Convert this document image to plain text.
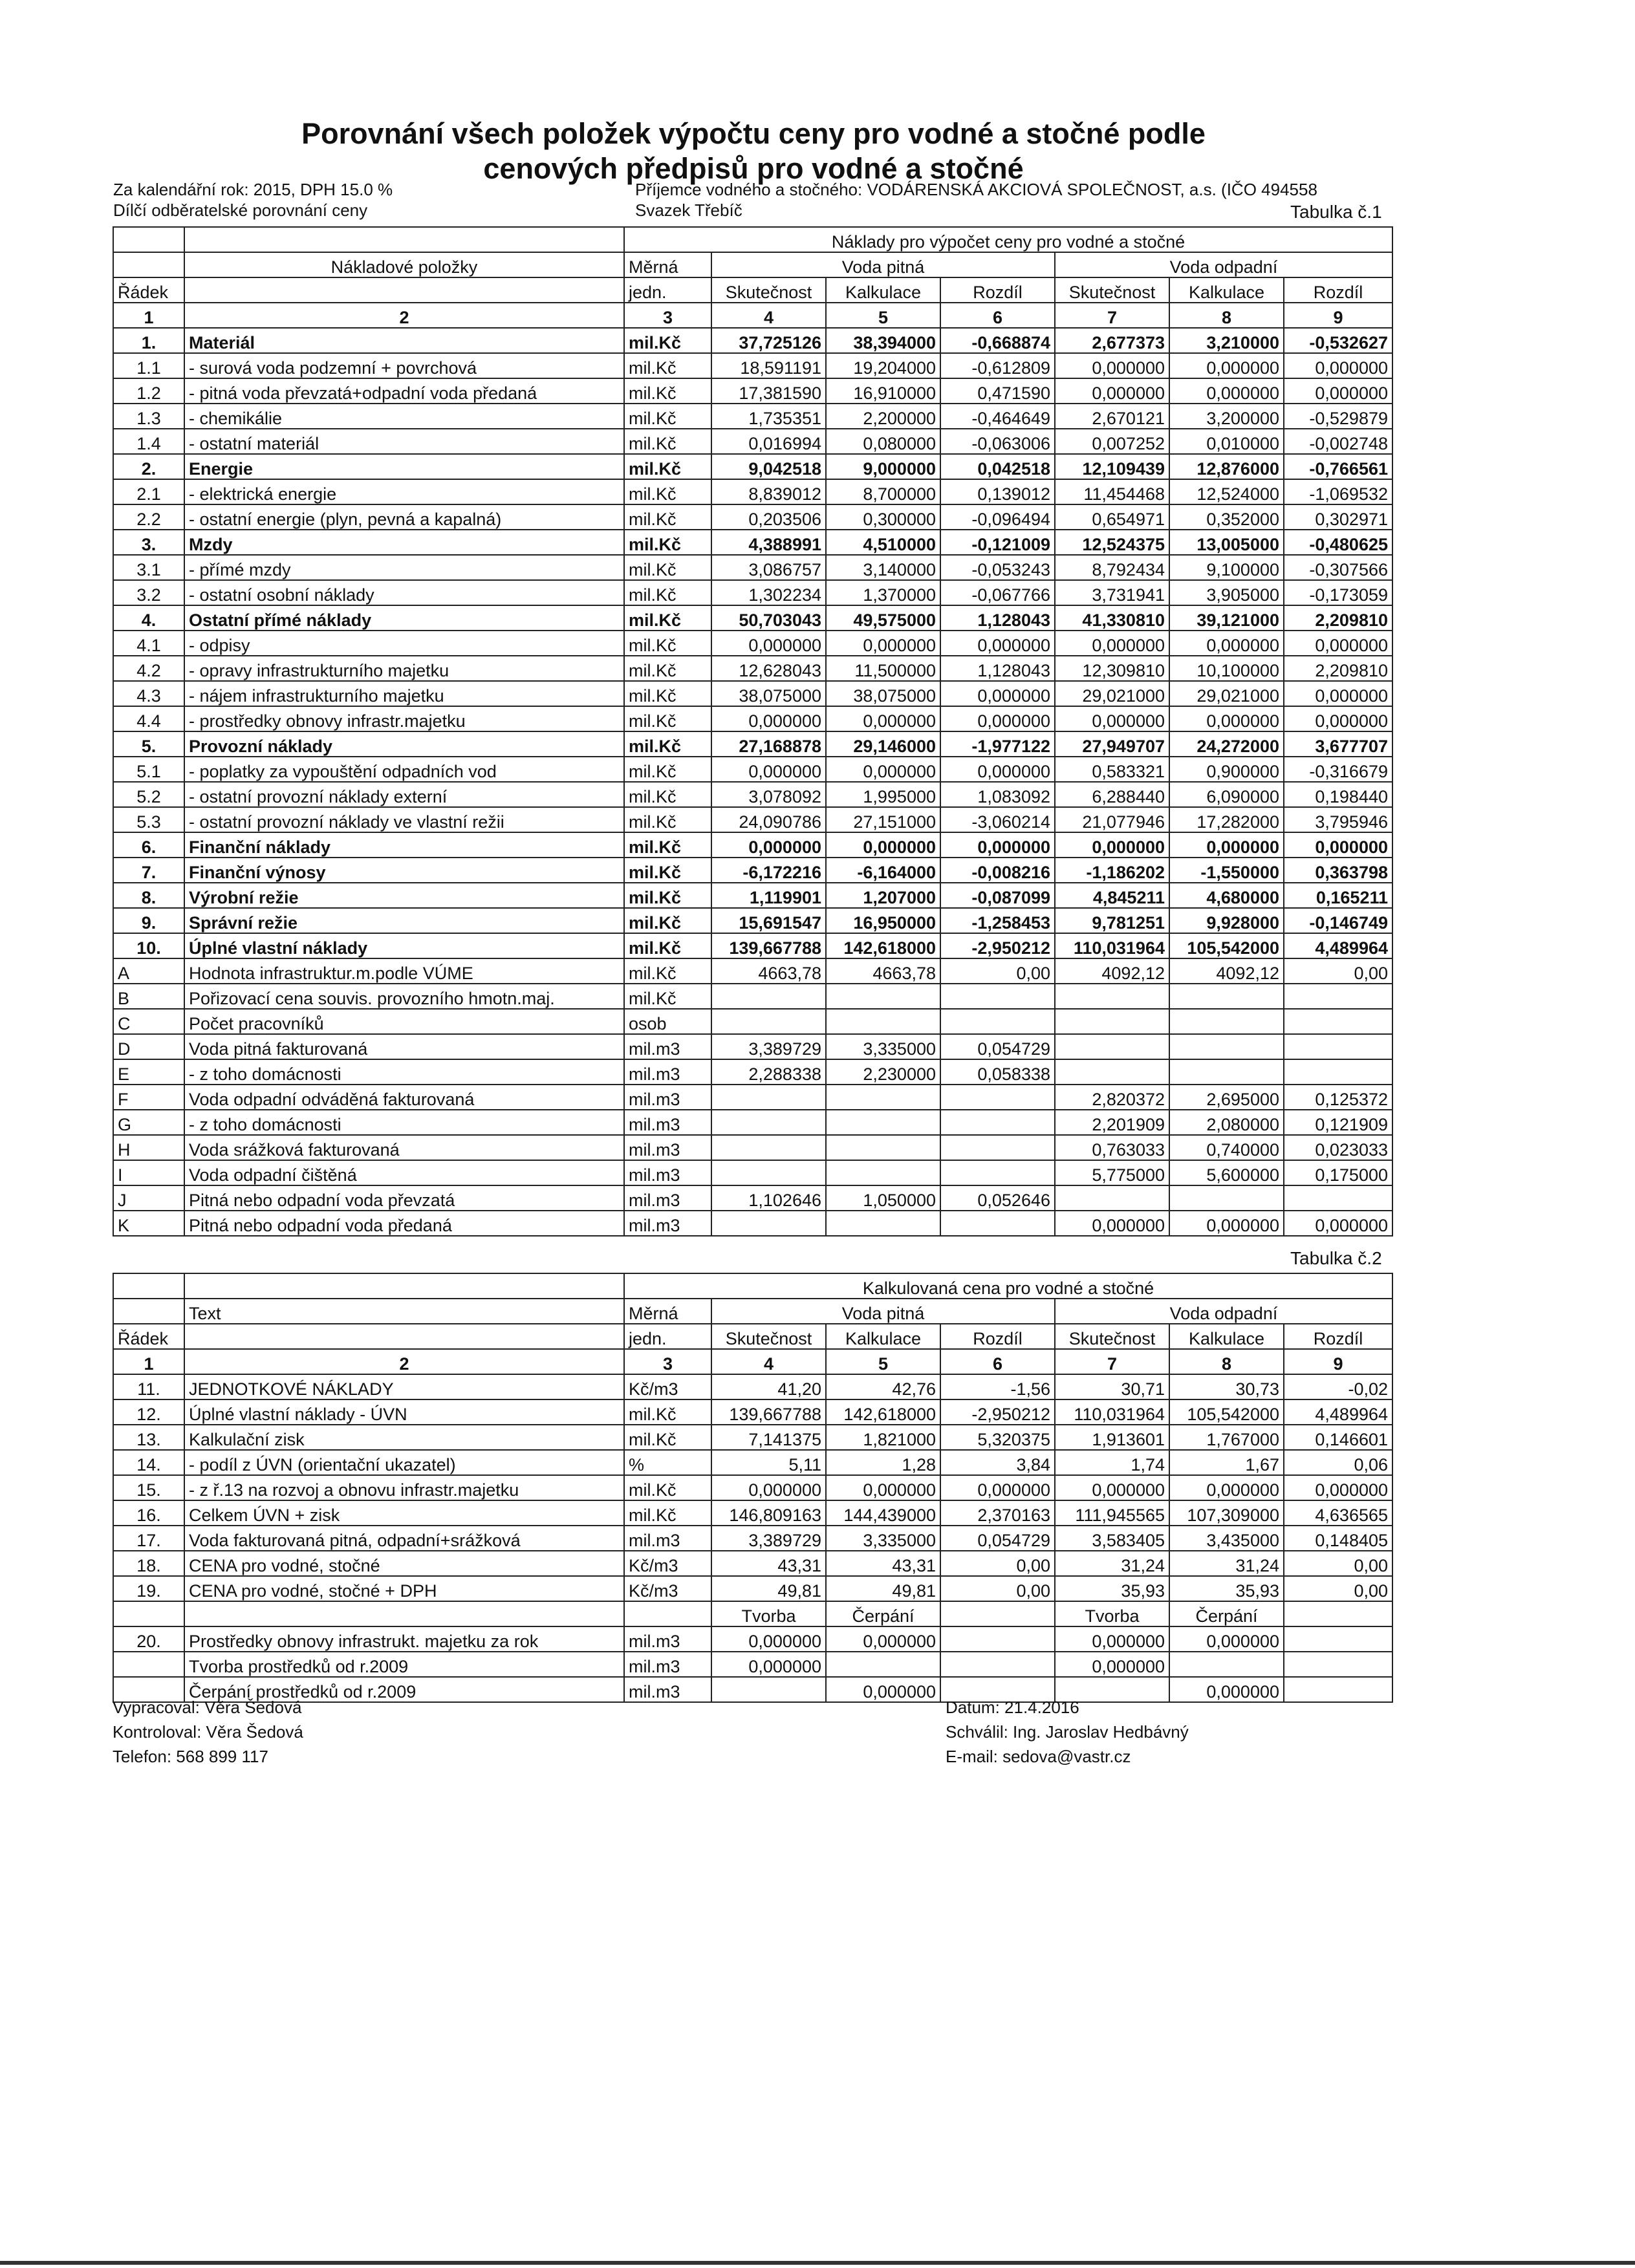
Porovnání všech položek výpočtu ceny pro vodné a stočné podle
cenových předpisů pro vodné a stočné
Za kalendářní rok: 2015, DPH 15.0 %
Dílčí odběratelské porovnání ceny
Příjemce vodného a stočného: VODÁRENSKÁ AKCIOVÁ SPOLEČNOST, a.s. (IČO 494558
Svazek Třebíč	Tabulka č.1
		Náklady pro výpočet ceny pro vodné a stočné						
	Nákladové položky	Měrná	Voda pitná			Voda odpadní		
Řádek		jedn.	Skutečnost	Kalkulace	Rozdíl	Skutečnost	Kalkulace	Rozdíl
1	2	3	4	5	6	7	8	9
1.	Materiál	mil.Kč	37,725126	38,394000	-0,668874	2,677373	3,210000	-0,532627
1.1	- surová voda podzemní + povrchová	mil.Kč	18,591191	19,204000	-0,612809	0,000000	0,000000	0,000000
1.2	- pitná voda převzatá+odpadní voda předaná	mil.Kč	17,381590	16,910000	0,471590	0,000000	0,000000	0,000000
1.3	- chemikálie	mil.Kč	1,735351	2,200000	-0,464649	2,670121	3,200000	-0,529879
1.4	- ostatní materiál	mil.Kč	0,016994	0,080000	-0,063006	0,007252	0,010000	-0,002748
2.	Energie	mil.Kč	9,042518	9,000000	0,042518	12,109439	12,876000	-0,766561
2.1	- elektrická energie	mil.Kč	8,839012	8,700000	0,139012	11,454468	12,524000	-1,069532
2.2	- ostatní energie (plyn, pevná a kapalná)	mil.Kč	0,203506	0,300000	-0,096494	0,654971	0,352000	0,302971
3.	Mzdy	mil.Kč	4,388991	4,510000	-0,121009	12,524375	13,005000	-0,480625
3.1	- přímé mzdy	mil.Kč	3,086757	3,140000	-0,053243	8,792434	9,100000	-0,307566
3.2	- ostatní osobní náklady	mil.Kč	1,302234	1,370000	-0,067766	3,731941	3,905000	-0,173059
4.	Ostatní přímé náklady	mil.Kč	50,703043	49,575000	1,128043	41,330810	39,121000	2,209810
4.1	- odpisy	mil.Kč	0,000000	0,000000	0,000000	0,000000	0,000000	0,000000
4.2	- opravy infrastrukturního majetku	mil.Kč	12,628043	11,500000	1,128043	12,309810	10,100000	2,209810
4.3	- nájem infrastrukturního majetku	mil.Kč	38,075000	38,075000	0,000000	29,021000	29,021000	0,000000
4.4	- prostředky obnovy infrastr.majetku	mil.Kč	0,000000	0,000000	0,000000	0,000000	0,000000	0,000000
5.	Provozní náklady	mil.Kč	27,168878	29,146000	-1,977122	27,949707	24,272000	3,677707
5.1	- poplatky za vypouštění odpadních vod	mil.Kč	0,000000	0,000000	0,000000	0,583321	0,900000	-0,316679
5.2	- ostatní provozní náklady externí	mil.Kč	3,078092	1,995000	1,083092	6,288440	6,090000	0,198440
5.3	- ostatní provozní náklady ve vlastní režii	mil.Kč	24,090786	27,151000	-3,060214	21,077946	17,282000	3,795946
6.	Finanční náklady	mil.Kč	0,000000	0,000000	0,000000	0,000000	0,000000	0,000000
7.	Finanční výnosy	mil.Kč	-6,172216	-6,164000	-0,008216	-1,186202	-1,550000	0,363798
8.	Výrobní režie	mil.Kč	1,119901	1,207000	-0,087099	4,845211	4,680000	0,165211
9.	Správní režie	mil.Kč	15,691547	16,950000	-1,258453	9,781251	9,928000	-0,146749
10.	Úplné vlastní náklady	mil.Kč	139,667788	142,618000	-2,950212	110,031964	105,542000	4,489964
A	Hodnota infrastruktur.m.podle VÚME	mil.Kč	4663,78	4663,78	0,00	4092,12	4092,12	0,00
B	Pořizovací cena souvis. provozního hmotn.maj.	mil.Kč						
C	Počet pracovníků	osob						
D	Voda pitná fakturovaná	mil.m3	3,389729	3,335000	0,054729			
E	- z toho domácnosti	mil.m3	2,288338	2,230000	0,058338			
F	Voda odpadní odváděná fakturovaná	mil.m3				2,820372	2,695000	0,125372
G	- z toho domácnosti	mil.m3				2,201909	2,080000	0,121909
H	Voda srážková fakturovaná	mil.m3				0,763033	0,740000	0,023033
I	Voda odpadní čištěná	mil.m3				5,775000	5,600000	0,175000
J	Pitná nebo odpadní voda převzatá	mil.m3	1,102646	1,050000	0,052646			
K	Pitná nebo odpadní voda předaná	mil.m3				0,000000	0,000000	0,000000
Tabulka č.2
		Kalkulovaná cena pro vodné a stočné						
	Text	Měrná	Voda pitná			Voda odpadní		
Řádek		jedn.	Skutečnost	Kalkulace	Rozdíl	Skutečnost	Kalkulace	Rozdíl
1	2	3	4	5	6	7	8	9
11.	JEDNOTKOVÉ NÁKLADY	Kč/m3	41,20	42,76	-1,56	30,71	30,73	-0,02
12.	Úplné vlastní náklady - ÚVN	mil.Kč	139,667788	142,618000	-2,950212	110,031964	105,542000	4,489964
13.	Kalkulační zisk	mil.Kč	7,141375	1,821000	5,320375	1,913601	1,767000	0,146601
14.	- podíl z ÚVN (orientační ukazatel)	%	5,11	1,28	3,84	1,74	1,67	0,06
15.	- z ř.13 na rozvoj a obnovu infrastr.majetku	mil.Kč	0,000000	0,000000	0,000000	0,000000	0,000000	0,000000
16.	Celkem ÚVN + zisk	mil.Kč	146,809163	144,439000	2,370163	111,945565	107,309000	4,636565
17.	Voda fakturovaná pitná, odpadní+srážková	mil.m3	3,389729	3,335000	0,054729	3,583405	3,435000	0,148405
18.	CENA pro vodné, stočné	Kč/m3	43,31	43,31	0,00	31,24	31,24	0,00
19.	CENA pro vodné, stočné + DPH	Kč/m3	49,81	49,81	0,00	35,93	35,93	0,00
			Tvorba	Čerpání		Tvorba	Čerpání	
20.	Prostředky obnovy infrastrukt. majetku za rok	mil.m3	0,000000	0,000000		0,000000	0,000000	
	Tvorba prostředků od r.2009	mil.m3	0,000000			0,000000		
	Čerpání prostředků od r.2009	mil.m3		0,000000			0,000000	
Vypracoval: Věra Šedová
Kontroloval: Věra Šedová
Telefon: 568 899 117
Datum: 21.4.2016
Schválil: Ing. Jaroslav Hedbávný
E-mail: sedova@vastr.cz
